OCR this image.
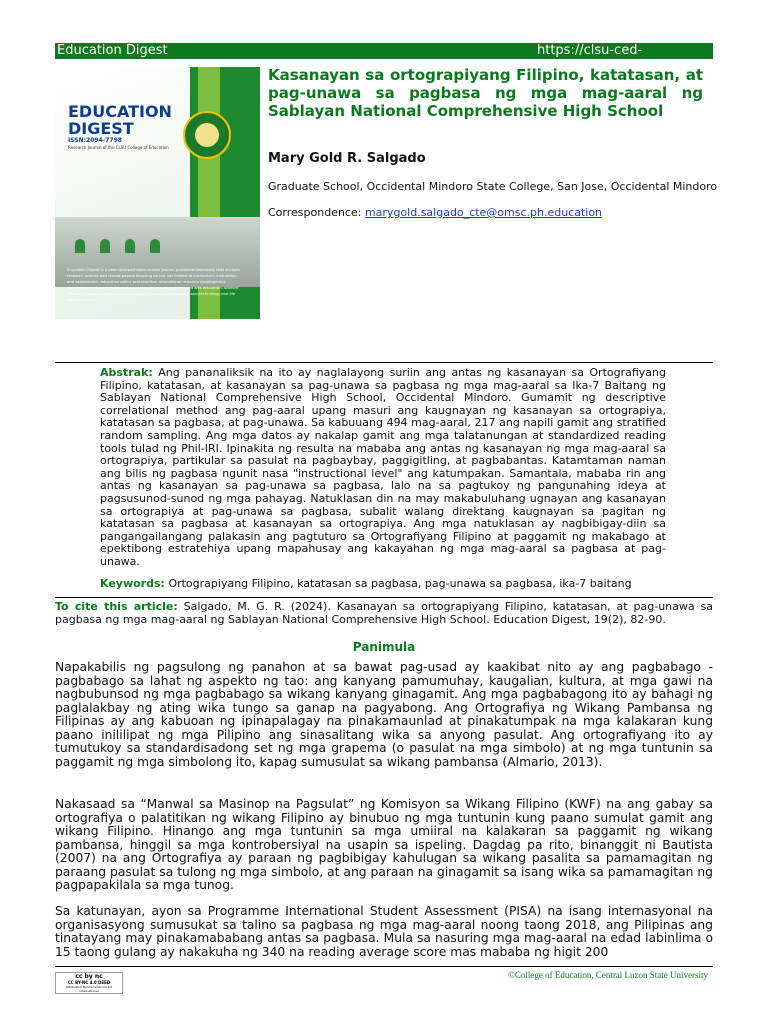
Education Digest	https://clsu-ced-
EDUCATION
DIGEST
ISSN:2094-7798
Research Journal of the CLSU College of Education
Education Digest is a peer-reviewed open-access journal published biannually that accepts research articles and review papers focusing on but not limited to curriculum, instruction, and assessment; education policy and practice; educational resource development; elementary and early childhood education; language, culture, and arts education; science education; sports and physical education; teaching and learning and technology and life skills education.
Kasanayan sa ortograpiyang Filipino, katatasan, at pag-unawa sa pagbasa ng mga mag-aaral ng Sablayan National Comprehensive High School
Mary Gold R. Salgado
Graduate School, Occidental Mindoro State College, San Jose, Occidental Mindoro
Correspondence: marygold.salgado_cte@omsc.ph.education
Abstrak: Ang pananaliksik na ito ay naglalayong suriin ang antas ng kasanayan sa Ortografiyang Filipino, katatasan, at kasanayan sa pag-unawa sa pagbasa ng mga mag-aaral sa Ika-7 Baitang ng Sablayan National Comprehensive High School, Occidental Mindoro. Gumamit ng descriptive correlational method ang pag-aaral upang masuri ang kaugnayan ng kasanayan sa ortograpiya, katatasan sa pagbasa, at pag-unawa. Sa kabuuang 494 mag-aaral, 217 ang napili gamit ang stratified random sampling. Ang mga datos ay nakalap gamit ang mga talatanungan at standardized reading tools tulad ng Phil-IRI. Ipinakita ng resulta na mababa ang antas ng kasanayan ng mga mag-aaral sa ortograpiya, partikular sa pasulat na pagbaybay, paggigitling, at pagbabantas. Katamtaman naman ang bilis ng pagbasa ngunit nasa "instructional level" ang katumpakan. Samantala, mababa rin ang antas ng kasanayan sa pag-unawa sa pagbasa, lalo na sa pagtukoy ng pangunahing ideya at pagsusunod-sunod ng mga pahayag. Natuklasan din na may makabuluhang ugnayan ang kasanayan sa ortograpiya at pag-unawa sa pagbasa, subalit walang direktang kaugnayan sa pagitan ng katatasan sa pagbasa at kasanayan sa ortograpiya. Ang mga natuklasan ay nagbibigay-diin sa pangangailangang palakasin ang pagtuturo sa Ortografiyang Filipino at paggamit ng makabago at epektibong estratehiya upang mapahusay ang kakayahan ng mga mag-aaral sa pagbasa at pag-unawa.
Keywords: Ortograpiyang Filipino, katatasan sa pagbasa, pag-unawa sa pagbasa, ika-7 baitang
To cite this article: Salgado, M. G. R. (2024). Kasanayan sa ortograpiyang Filipino, katatasan, at pag-unawa sa pagbasa ng mga mag-aaral ng Sablayan National Comprehensive High School. Education Digest, 19(2), 82-90.
Panimula
Napakabilis ng pagsulong ng panahon at sa bawat pag-usad ay kaakibat nito ay ang pagbabago - pagbabago sa lahat ng aspekto ng tao: ang kanyang pamumuhay, kaugalian, kultura, at mga gawi na nagbubunsod ng mga pagbabago sa wikang kanyang ginagamit. Ang mga pagbabagong ito ay bahagi ng paglalakbay ng ating wika tungo sa ganap na pagyabong. Ang Ortografiya ng Wikang Pambansa ng Filipinas ay ang kabuoan ng ipinapalagay na pinakamaunlad at pinakatumpak na mga kalakaran kung paano inililipat ng mga Pilipino ang sinasalitang wika sa anyong pasulat. Ang ortografiyang ito ay tumutukoy sa standardisadong set ng mga grapema (o pasulat na mga simbolo) at ng mga tuntunin sa paggamit ng mga simbolong ito, kapag sumusulat sa wikang pambansa (Almario, 2013).
Nakasaad sa “Manwal sa Masinop na Pagsulat” ng Komisyon sa Wikang Filipino (KWF) na ang gabay sa ortografiya o palatitikan ng wikang Filipino ay binubuo ng mga tuntunin kung paano sumulat gamit ang wikang Filipino. Hinango ang mga tuntunin sa mga umiiral na kalakaran sa paggamit ng wikang pambansa, hinggil sa mga kontrobersiyal na usapin sa ispeling. Dagdag pa rito, binanggit ni Bautista (2007) na ang Ortografiya ay paraan ng pagbibigay kahulugan sa wikang pasalita sa pamamagitan ng paraang pasulat sa tulong ng mga simbolo, at ang paraan na ginagamit sa isang wika sa pamamagitan ng pagpapakilala sa mga tunog.
Sa katunayan, ayon sa Programme International Student Assessment (PISA) na isang internasyonal na organisasyong sumusukat sa talino sa pagbasa ng mga mag-aaral noong taong 2018, ang Pilipinas ang tinatayang may pinakamababang antas sa pagbasa. Mula sa nasuring mga mag-aaral na edad labinlima o 15 taong gulang ay nakakuha ng 340 na reading average score mas mababa ng higit 200
cc by nc
CC BY-NC 4.0 DEED
Attribution-NonCommercial 4.0 International
©College of Education, Central Luzon State University
